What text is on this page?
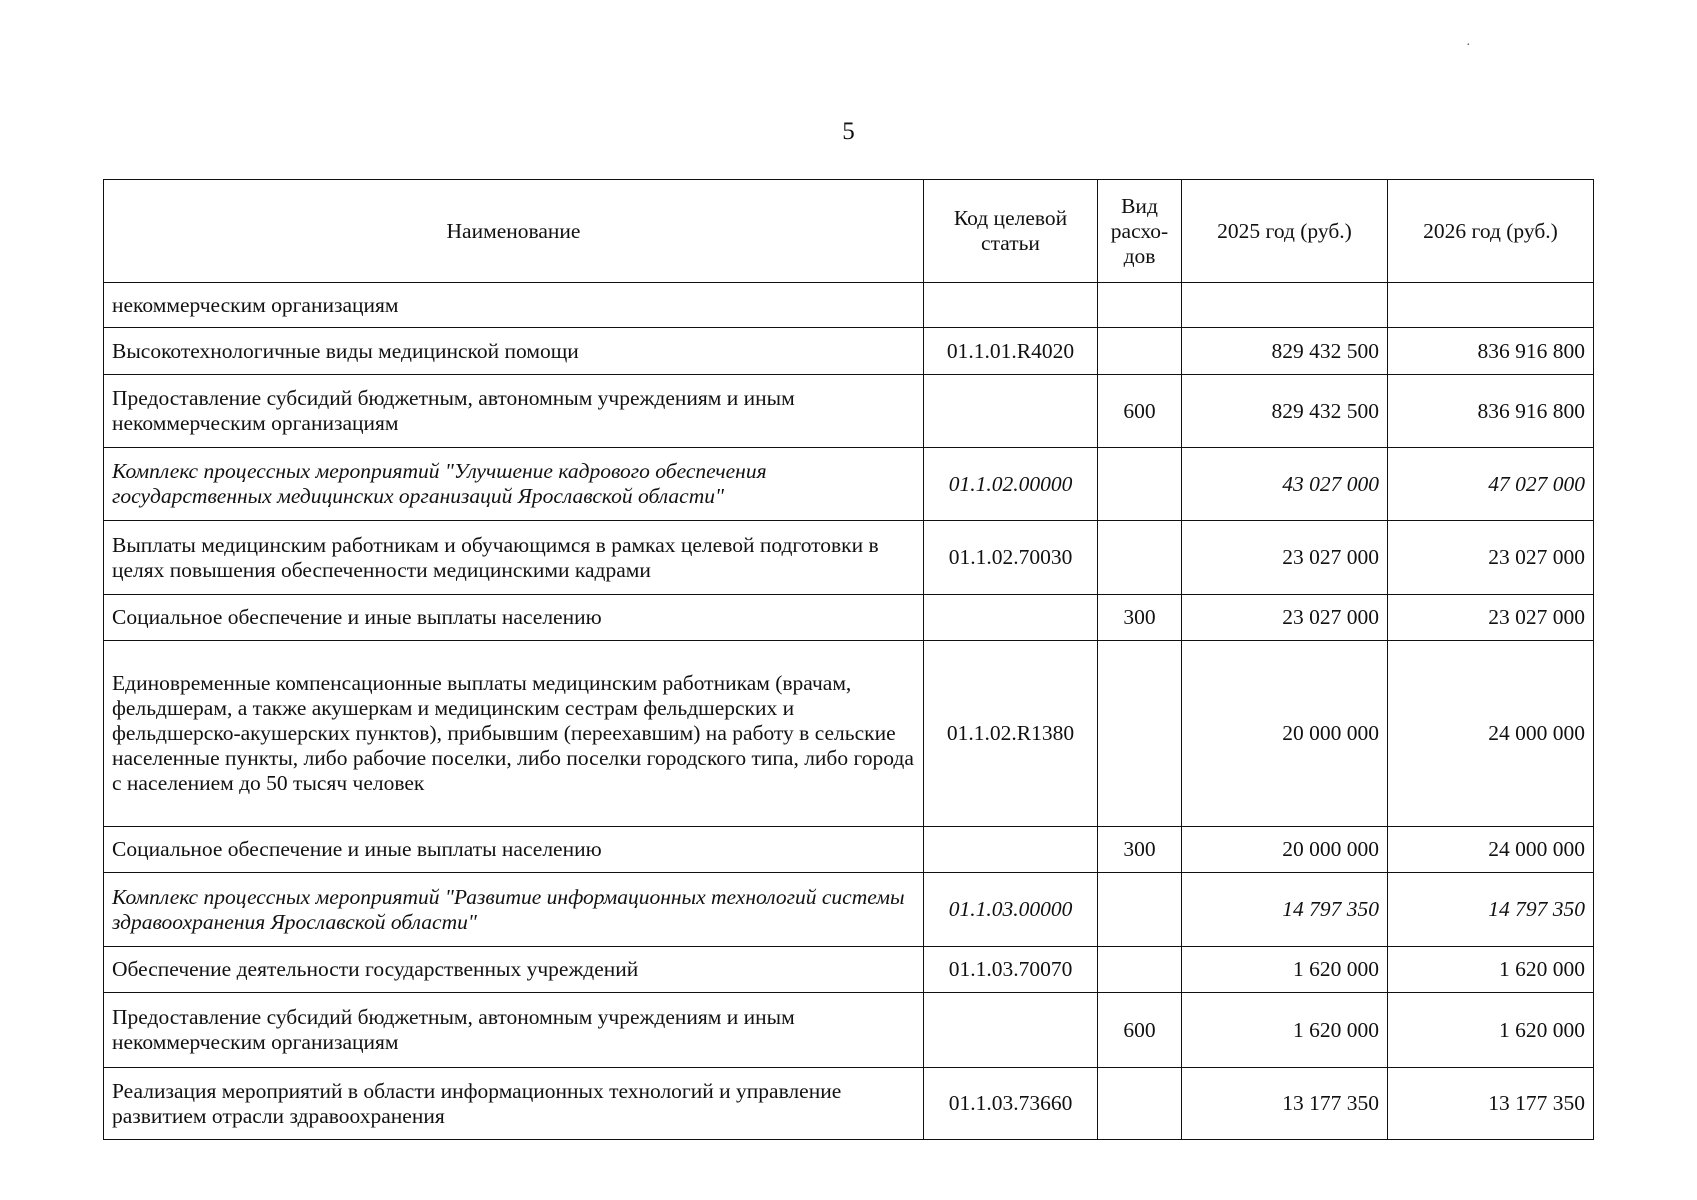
5
·
Наименование	Код целевой статьи	Вид расхо-дов	2025 год (руб.)	2026 год (руб.)
некоммерческим организациям				
Высокотехнологичные виды медицинской помощи	01.1.01.R4020		829 432 500	836 916 800
Предоставление субсидий бюджетным, автономным учреждениям и иным некоммерческим организациям		600	829 432 500	836 916 800
Комплекс процессных мероприятий "Улучшение кадрового обеспечения государственных медицинских организаций Ярославской области"	01.1.02.00000		43 027 000	47 027 000
Выплаты медицинским работникам и обучающимся в рамках целевой подготовки в целях повышения обеспеченности медицинскими кадрами	01.1.02.70030		23 027 000	23 027 000
Социальное обеспечение и иные выплаты населению		300	23 027 000	23 027 000
Единовременные компенсационные выплаты медицинским работникам (врачам, фельдшерам, а также акушеркам и медицинским сестрам фельдшерских и фельдшерско-акушерских пунктов), прибывшим (переехавшим) на работу в сельские населенные пункты, либо рабочие поселки, либо поселки городского типа, либо города с населением до 50 тысяч человек	01.1.02.R1380		20 000 000	24 000 000
Социальное обеспечение и иные выплаты населению		300	20 000 000	24 000 000
Комплекс процессных мероприятий "Развитие информационных технологий системы здравоохранения Ярославской области"	01.1.03.00000		14 797 350	14 797 350
Обеспечение деятельности государственных учреждений	01.1.03.70070		1 620 000	1 620 000
Предоставление субсидий бюджетным, автономным учреждениям и иным некоммерческим организациям		600	1 620 000	1 620 000
Реализация мероприятий в области информационных технологий и управление развитием отрасли здравоохранения	01.1.03.73660		13 177 350	13 177 350
